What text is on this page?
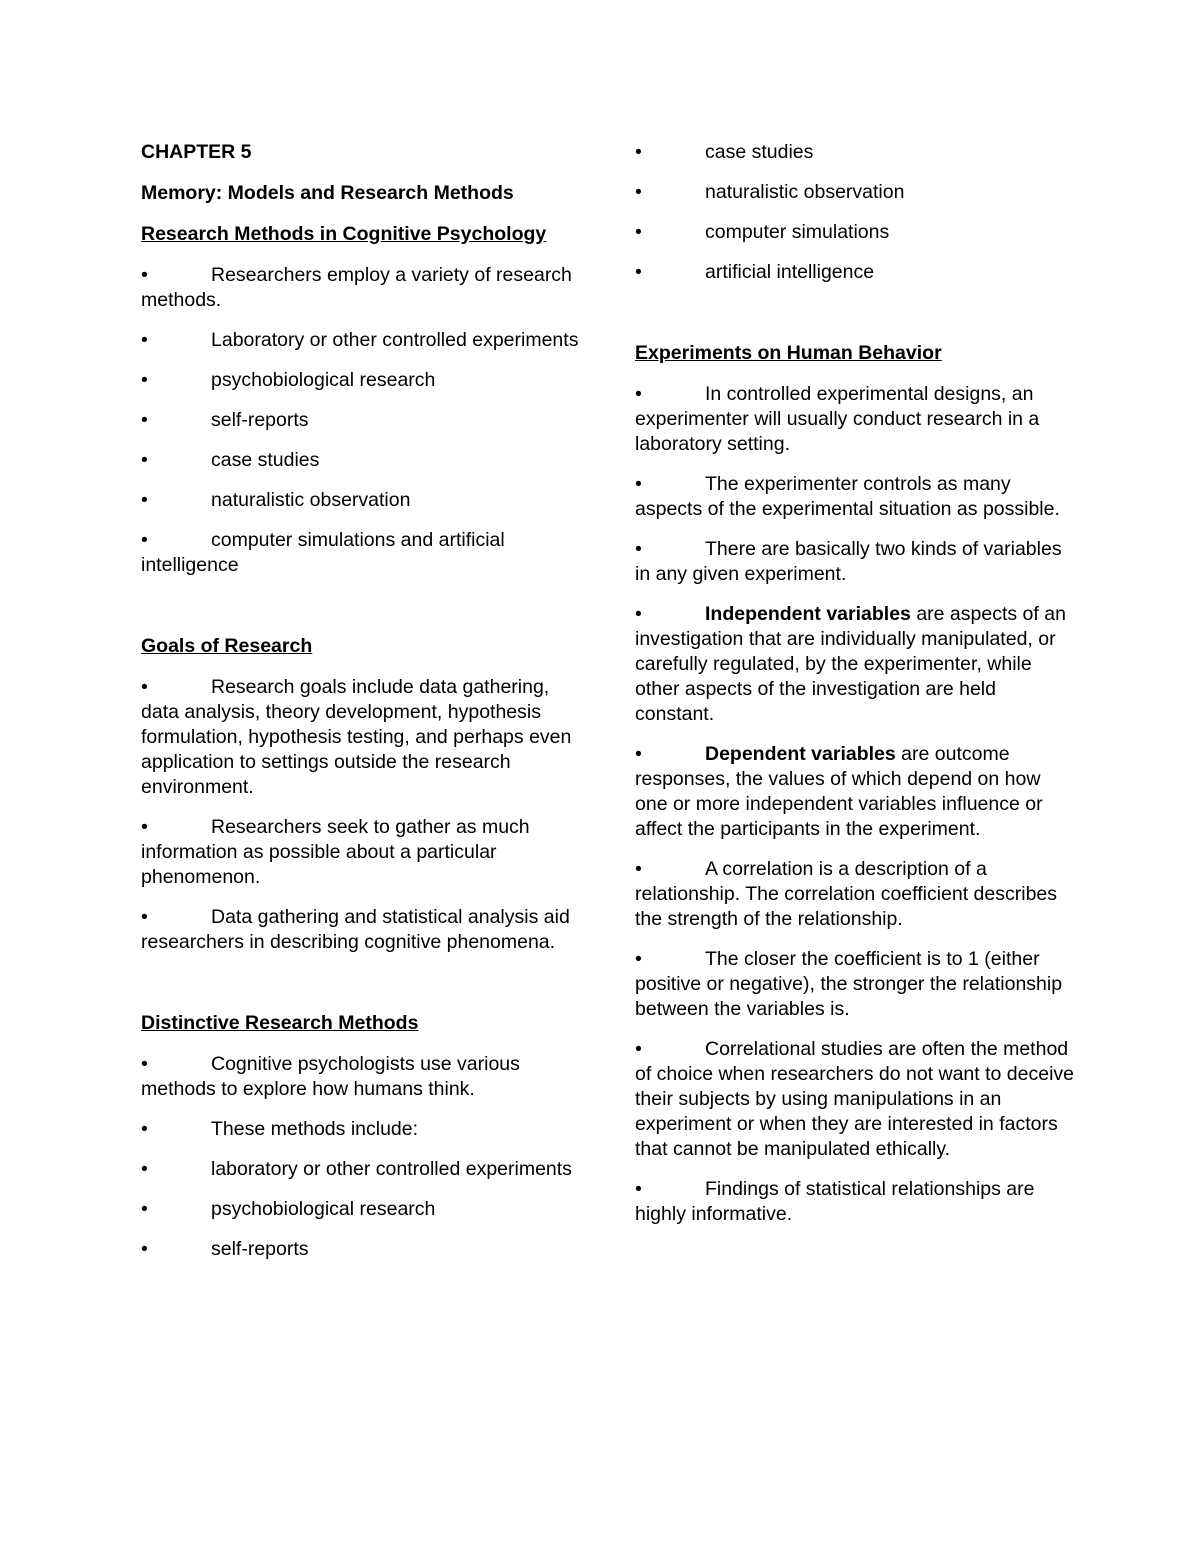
CHAPTER 5
Memory: Models and Research Methods
Research Methods in Cognitive Psychology
•	Researchers employ a variety of research methods.
•	Laboratory or other controlled experiments
•	psychobiological research
•	self-reports
•	case studies
•	naturalistic observation
•	computer simulations and artificial intelligence
Goals of Research
•	Research goals include data gathering, data analysis, theory development, hypothesis formulation, hypothesis testing, and perhaps even application to settings outside the research environment.
•	Researchers seek to gather as much information as possible about a particular phenomenon.
•	Data gathering and statistical analysis aid researchers in describing cognitive phenomena.
Distinctive Research Methods
•	Cognitive psychologists use various methods to explore how humans think.
•	These methods include:
•	laboratory or other controlled experiments
•	psychobiological research
•	self-reports
•	case studies
•	naturalistic observation
•	computer simulations
•	artificial intelligence
Experiments on Human Behavior
•	In controlled experimental designs, an experimenter will usually conduct research in a laboratory setting.
•	The experimenter controls as many aspects of the experimental situation as possible.
•	There are basically two kinds of variables in any given experiment.
•	Independent variables are aspects of an investigation that are individually manipulated, or carefully regulated, by the experimenter, while other aspects of the investigation are held constant.
•	Dependent variables are outcome responses, the values of which depend on how one or more independent variables influence or affect the participants in the experiment.
•	A correlation is a description of a relationship. The correlation coefficient describes the strength of the relationship.
•	The closer the coefficient is to 1 (either positive or negative), the stronger the relationship between the variables is.
•	Correlational studies are often the method of choice when researchers do not want to deceive their subjects by using manipulations in an experiment or when they are interested in factors that cannot be manipulated ethically.
•	Findings of statistical relationships are highly informative.
